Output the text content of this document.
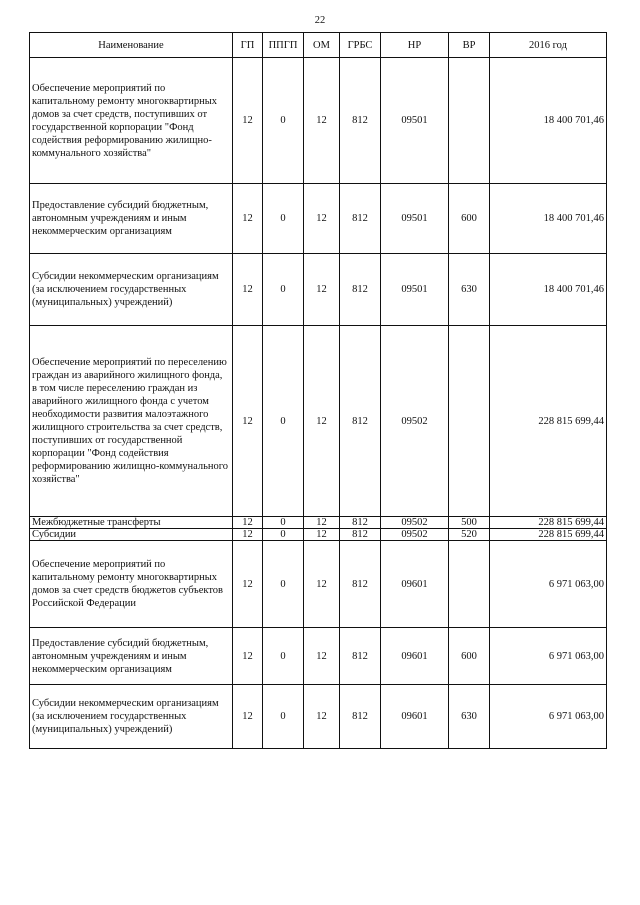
22
Наименование	ГП	ППГП	ОМ	ГРБС	НР	ВР	2016 год
Обеспечение мероприятий по капитальному ремонту многоквартирных домов за счет средств, поступивших от государственной корпорации "Фонд содействия реформированию жилищно-коммунального хозяйства"	12	0	12	812	09501		18 400 701,46
Предоставление субсидий бюджетным, автономным учреждениям и иным некоммерческим организациям	12	0	12	812	09501	600	18 400 701,46
Субсидии некоммерческим организациям (за исключением государственных (муниципальных) учреждений)	12	0	12	812	09501	630	18 400 701,46
Обеспечение мероприятий по переселению граждан из аварийного жилищного фонда, в том числе переселению граждан из аварийного жилищного фонда с учетом необходимости развития малоэтажного жилищного строительства за счет средств, поступивших от государственной корпорации "Фонд содействия реформированию жилищно-коммунального хозяйства"	12	0	12	812	09502		228 815 699,44
Межбюджетные трансферты	12	0	12	812	09502	500	228 815 699,44
Субсидии	12	0	12	812	09502	520	228 815 699,44
Обеспечение мероприятий по капитальному ремонту многоквартирных домов за счет средств бюджетов субъектов Российской Федерации	12	0	12	812	09601		6 971 063,00
Предоставление субсидий бюджетным, автономным учреждениям и иным некоммерческим организациям	12	0	12	812	09601	600	6 971 063,00
Субсидии некоммерческим организациям (за исключением государственных (муниципальных) учреждений)	12	0	12	812	09601	630	6 971 063,00
